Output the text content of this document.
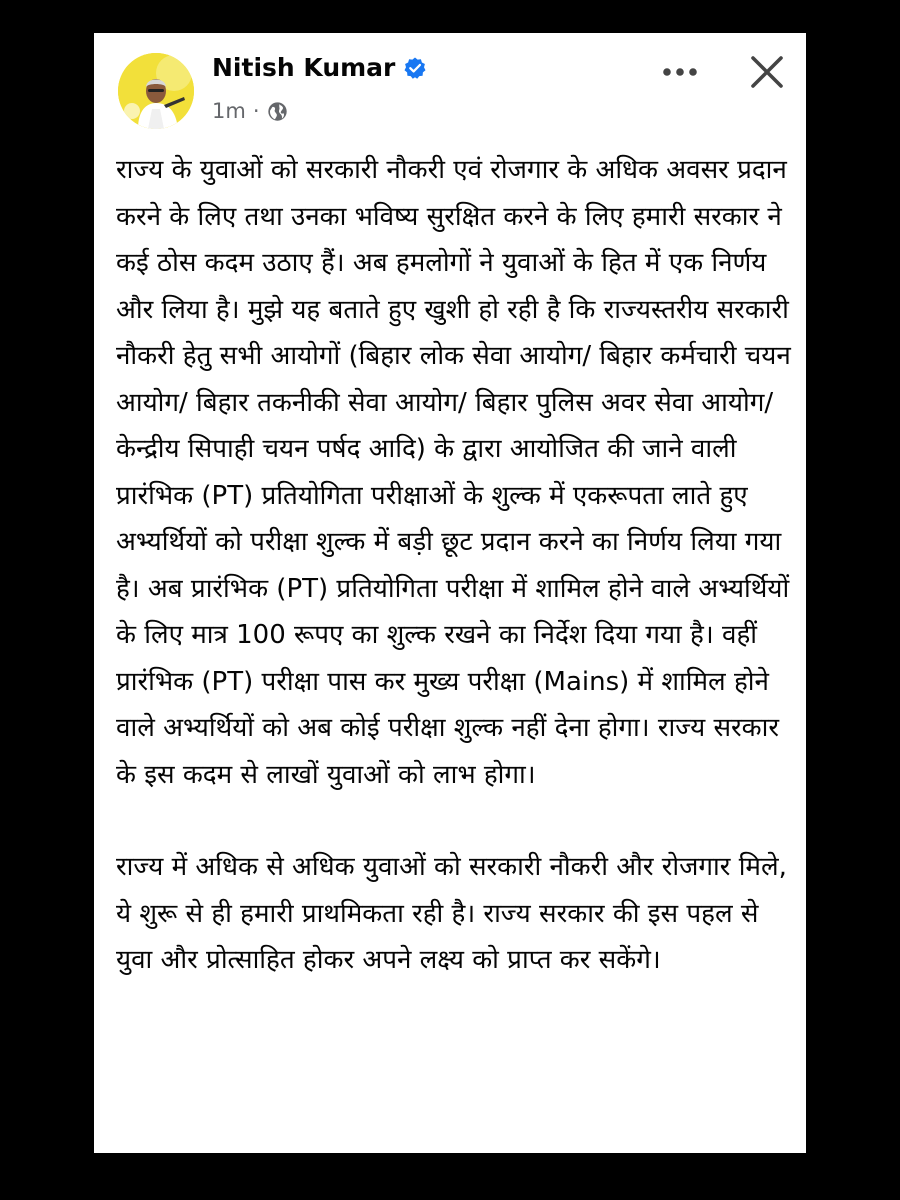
Nitish Kumar
1m ·

राज्य के युवाओं को सरकारी नौकरी एवं रोजगार के अधिक अवसर प्रदान करने के लिए तथा उनका भविष्य सुरक्षित करने के लिए हमारी सरकार ने कई ठोस कदम उठाए हैं। अब हमलोगों ने युवाओं के हित में एक निर्णय और लिया है। मुझे यह बताते हुए खुशी हो रही है कि राज्यस्तरीय सरकारी नौकरी हेतु सभी आयोगों (बिहार लोक सेवा आयोग/ बिहार कर्मचारी चयन आयोग/ बिहार तकनीकी सेवा आयोग/ बिहार पुलिस अवर सेवा आयोग/ केन्द्रीय सिपाही चयन पर्षद आदि) के द्वारा आयोजित की जाने वाली प्रारंभिक (PT) प्रतियोगिता परीक्षाओं के शुल्क में एकरूपता लाते हुए अभ्यर्थियों को परीक्षा शुल्क में बड़ी छूट प्रदान करने का निर्णय लिया गया है। अब प्रारंभिक (PT) प्रतियोगिता परीक्षा में शामिल होने वाले अभ्यर्थियों के लिए मात्र 100 रूपए का शुल्क रखने का निर्देश दिया गया है। वहीं प्रारंभिक (PT) परीक्षा पास कर मुख्य परीक्षा (Mains) में शामिल होने वाले अभ्यर्थियों को अब कोई परीक्षा शुल्क नहीं देना होगा। राज्य सरकार के इस कदम से लाखों युवाओं को लाभ होगा।

राज्य में अधिक से अधिक युवाओं को सरकारी नौकरी और रोजगार मिले, ये शुरू से ही हमारी प्राथमिकता रही है। राज्य सरकार की इस पहल से युवा और प्रोत्साहित होकर अपने लक्ष्य को प्राप्त कर सकेंगे।
